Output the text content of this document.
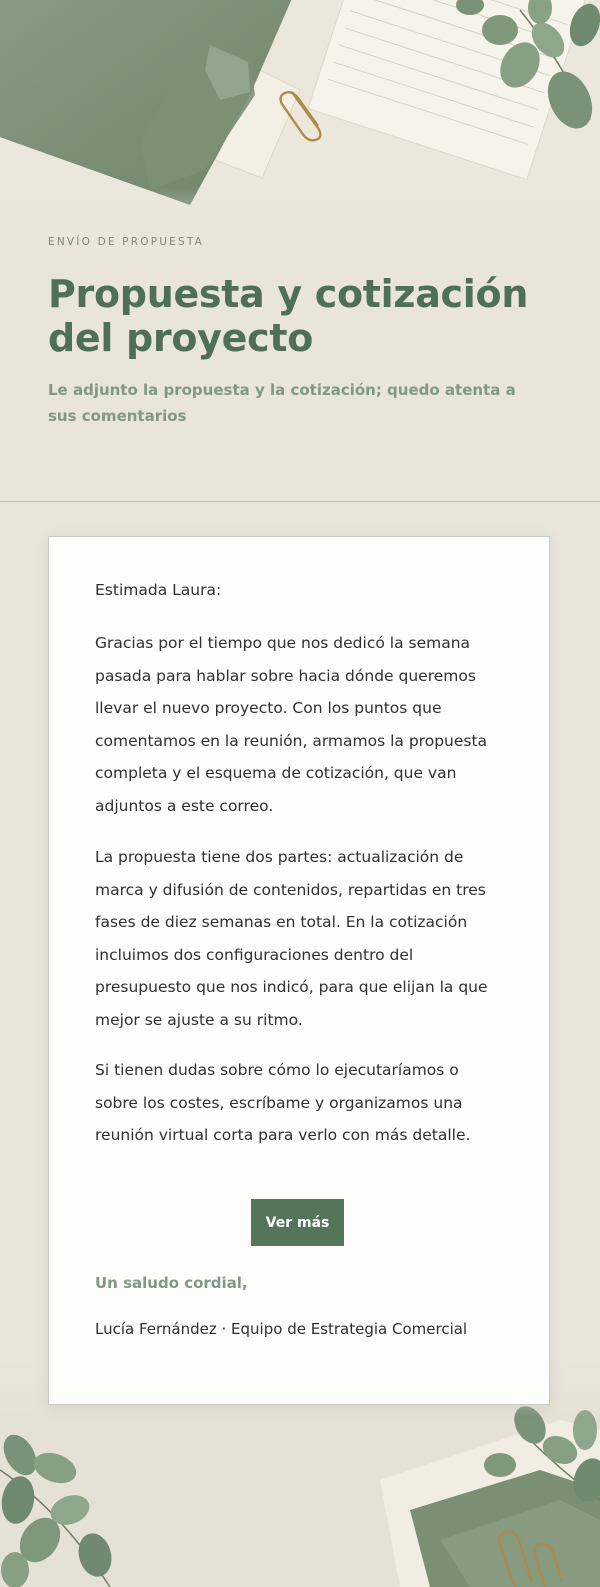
ENVÍO DE PROPUESTA

Propuesta y cotización del proyecto

Le adjunto la propuesta y la cotización; quedo atenta a sus comentarios

Estimada Laura:

Gracias por el tiempo que nos dedicó la semana pasada para hablar sobre hacia dónde queremos llevar el nuevo proyecto. Con los puntos que comentamos en la reunión, armamos la propuesta completa y el esquema de cotización, que van adjuntos a este correo.

La propuesta tiene dos partes: actualización de marca y difusión de contenidos, repartidas en tres fases de diez semanas en total. En la cotización incluimos dos configuraciones dentro del presupuesto que nos indicó, para que elijan la que mejor se ajuste a su ritmo.

Si tienen dudas sobre cómo lo ejecutaríamos o sobre los costes, escríbame y organizamos una reunión virtual corta para verlo con más detalle.

Ver más

Un saludo cordial,

Lucía Fernández · Equipo de Estrategia Comercial
